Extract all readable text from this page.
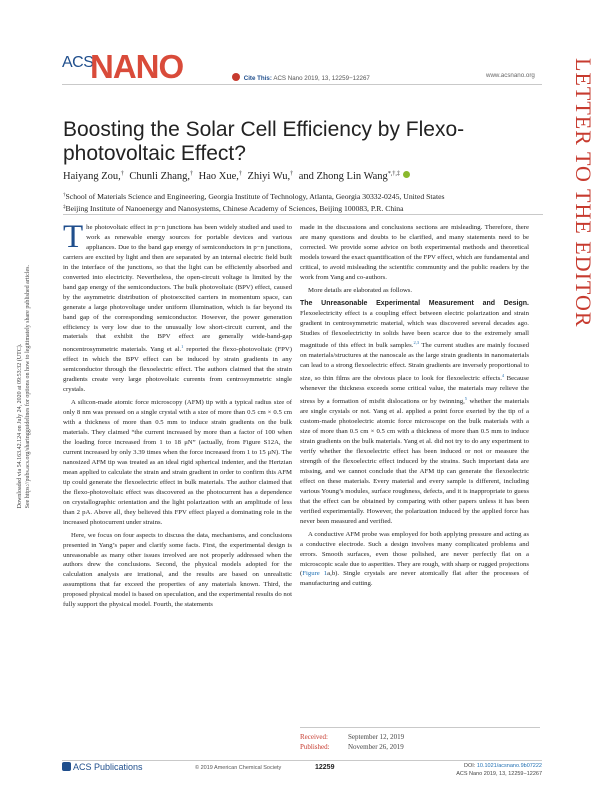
ACS
NANO	Cite This: ACS Nano 2019, 13, 12259−12267	www.acsnano.org LETTER TO THE EDITOR
Downloaded via 54.163.42.124 on July 24, 2020 at 09:53:32 (UTC). See https://pubs.acs.org/sharingguidelines for options on how to legitimately share published articles.
Boosting the Solar Cell Efficiency by Flexo-photovoltaic Effect?
Haiyang Zou,† Chunli Zhang,† Hao Xue,† Zhiyi Wu,† and Zhong Lin Wang*,†,‡
†School of Materials Science and Engineering, Georgia Institute of Technology, Atlanta, Georgia 30332-0245, United States
‡Beijing Institute of Nanoenergy and Nanosystems, Chinese Academy of Sciences, Beijing 100083, P.R. China

The photovoltaic effect in p−n junctions has been widely studied and used to work as renewable energy sources for portable devices and various appliances. Due to the band gap energy of semiconductors in p−n junctions, carriers are excited by light and then are separated by an internal electric field built in the interface of the junctions, so that the light can be efficiently absorbed and converted into electricity. Nevertheless, the open-circuit voltage is limited by the band gap energy of the semiconductors. The bulk photovoltaic (BPV) effect, caused by the asymmetric distribution of photoexcited carriers in momentum space, can generate a large photovoltage under uniform illumination, which is far beyond its band gap of the corresponding semiconductor. However, the power generation efficiency is very low due to the unusually low short-circuit current, and the materials that exhibit the BPV effect are generally wide-band-gap noncentrosymmetric materials. Yang et al.$^1$ reported the flexo-photovoltaic (FPV) effect in which the BPV effect can be induced by strain gradients in any semiconductor through the flexoelectric effect. The authors claimed that the strain gradients create very large photovoltaic currents from centrosymmetric single crystals.

A silicon-made atomic force microscopy (AFM) tip with a typical radius size of only 8 nm was pressed on a single crystal with a size of more than 0.5 cm × 0.5 cm with a thickness of more than 0.5 mm to induce strain gradients on the bulk materials. They claimed “the current increased by more than a factor of 100 when the loading force increased from 1 to 18 μN” (actually, from Figure S12A, the current increased by only 3.39 times when the force increased from 1 to 15 μN). The nanosized AFM tip was treated as an ideal rigid spherical indenter, and the Hertzian mean applied to calculate the strain and strain gradient in order to confirm this AFM tip could generate the flexoelectric effect in bulk materials. The author claimed that the flexo-photovoltaic effect was discovered as the photocurrent has a dependence on crystallographic orientation and the light polarization with an amplitude of less than 2 pA. Above all, they believed this FPV effect played a dominating role in the increased photocurrent under strains.

Here, we focus on four aspects to discuss the data, mechanisms, and conclusions presented in Yang’s paper and clarify some facts. First, the experimental design is unreasonable as many other issues involved are not properly addressed when the authors drew the conclusions. Second, the physical models adopted for the calculation analysis are irrational, and the results are based on unrealistic assumptions that far exceed the properties of any materials known. Third, the proposed physical model is based on speculation, and the experimental results do not fully support the physical model. Fourth, the statements

made in the discussions and conclusions sections are misleading. Therefore, there are many questions and doubts to be clarified, and many statements need to be corrected. We provide some advice on both experimental methods and theoretical models toward the exact quantification of the FPV effect, which are fundamental and critical, to avoid misleading the scientific community and the public readers by the work from Yang and co-authors.

More details are elaborated as follows.

The Unreasonable Experimental Measurement and Design. Flexoelectricity effect is a coupling effect between electric polarization and strain gradient in centrosymmetric material, which was discovered several decades ago. Studies of flexoelectricity in solids have been scarce due to the extremely small magnitude of this effect in bulk samples.$^{2,3}$ The current studies are mainly focused on materials/structures at the nanoscale as the large strain gradients in nanomaterials can lead to a strong flexoelectric effect. Strain gradients are inversely proportional to size, so thin films are the obvious place to look for flexoelectric effects.$^4$ Because whenever the thickness exceeds some critical value, the materials may relieve the stress by a formation of misfit dislocations or by twinning,$^5$ whether the materials are single crystals or not. Yang et al. applied a point force exerted by the tip of a custom-made photoelectric atomic force microscope on the bulk materials with a size of more than 0.5 cm × 0.5 cm with a thickness of more than 0.5 mm to induce strain gradients on the bulk materials. Yang et al. did not try to do any experiment to verify whether the flexoelectric effect has been induced or not or measure the strength of the flexoelectric effect induced by the strains. Such important data are missing, and we cannot conclude that the AFM tip can generate the flexoelectric effect on these materials. Every material and every sample is different, including various Young’s modules, surface roughness, defects, and it is inappropriate to guess that the effect can be obtained by comparing with other papers unless it has been verified experimentally. However, the polarization induced by the applied force has never been measured and verified.

A conductive AFM probe was employed for both applying pressure and acting as a conductive electrode. Such a design involves many complicated problems and errors. Smooth surfaces, even those polished, are never perfectly flat on a microscopic scale due to asperities. They are rough, with sharp or rugged projections (Figure 1a,b). Single crystals are never atomically flat after the processes of manufacturing and cutting.

Received:	September 12, 2019
Published:	November 26, 2019
ACS Publications	© 2019 American Chemical Society	12259	DOI: 10.1021/acsnano.9b07222
ACS Nano 2019, 13, 12259−12267
